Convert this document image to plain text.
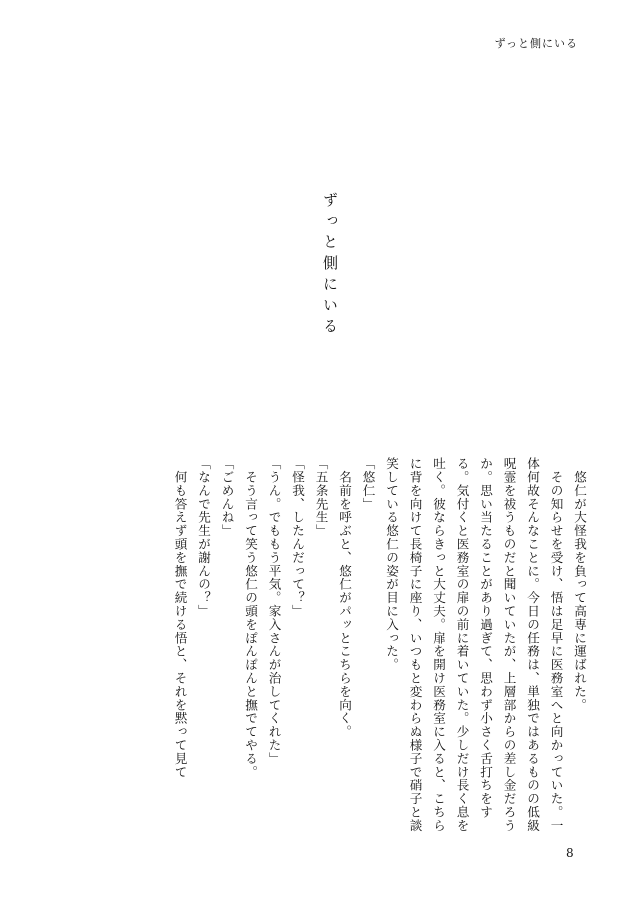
ずっと側にいる
ずっと側にいる

　悠仁が大怪我を負って高専に運ばれた。

　その知らせを受け、悟は足早に医務室へと向かっていた。一体何故そんなことに。今日の任務は、単独ではあるものの低級呪霊を祓うものだと聞いていたが、上層部からの差し金だろうか。思い当たることがあり過ぎて、思わず小さく舌打ちをする。気付くと医務室の扉の前に着いていた。少しだけ長く息を吐く。彼ならきっと大丈夫。扉を開け医務室に入ると、こちらに背を向けて長椅子に座り、いつもと変わらぬ様子で硝子と談笑している悠仁の姿が目に入った。

「悠仁」

　名前を呼ぶと、悠仁がパッとこちらを向く。

「五条先生」

「怪我、したんだって？」

「うん。でももう平気。家入さんが治してくれた」

　そう言って笑う悠仁の頭をぽんぽんと撫でてやる。

「ごめんね」

「なんで先生が謝んの？」

　何も答えず頭を撫で続ける悟と、それを黙って見て

8
